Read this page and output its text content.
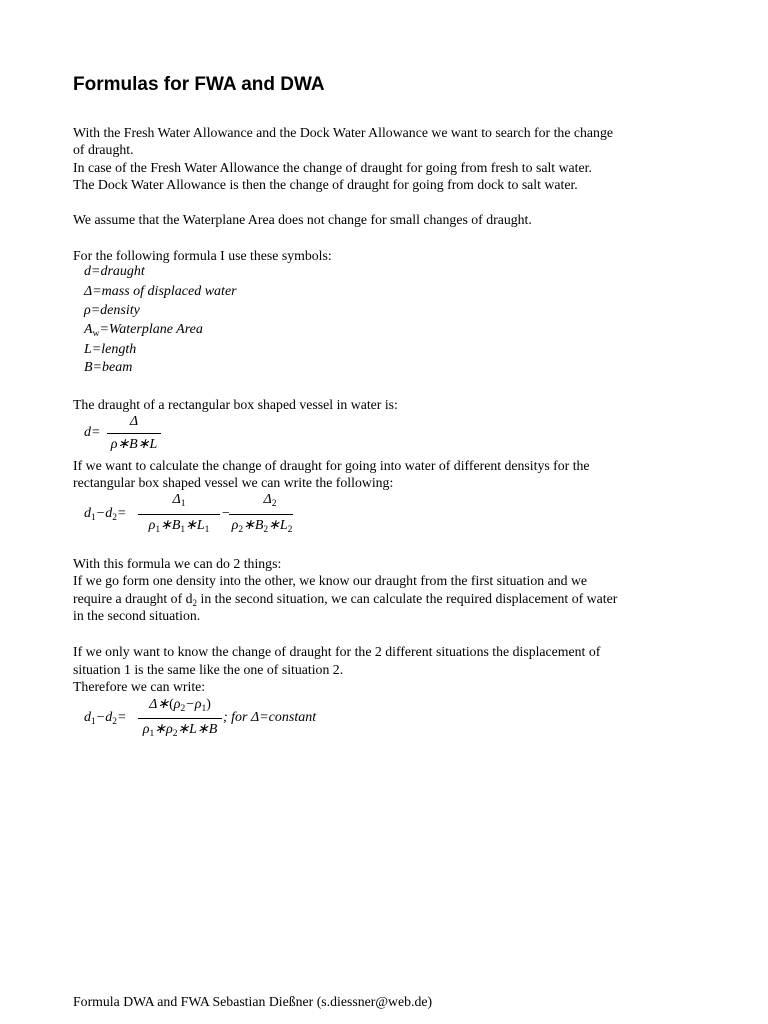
Formulas for FWA and DWA
With the Fresh Water Allowance and the Dock Water Allowance we want to search for the change
of draught.
In case of the Fresh Water Allowance the change of draught for going from fresh to salt water.
The Dock Water Allowance is then the change of draught for going from dock to salt water.
We assume that the Waterplane Area does not change for small changes of draught.
For the following formula I use these symbols:
d=draught
Δ=mass of displaced water
ρ=density
$A_w=Waterplane$ Area
L=length
B=beam
The draught of a rectangular box shaped vessel in water is:
d=
Δ
ρ∗B∗L
If we want to calculate the change of draught for going into water of different densitys for the
rectangular box shaped vessel we can write the following:
$d_1-d_2=$
$\Delta_1$
$\rho_1∗B_1∗L_1$
−
$\Delta_2$
$\rho_2∗B_2∗L_2$
With this formula we can do 2 things:
If we go form one density into the other, we know our draught from the first situation and we
require a draught of $d_2$ in the second situation, we can calculate the required displacement of water
in the second situation.
If we only want to know the change of draught for the 2 different situations the displacement of
situation 1 is the same like the one of situation 2.
Therefore we can write:
$d_1-d_2=$
$\Delta∗(\rho_2-\rho_1)$
$\rho_1∗\rho_2∗L∗B$
; for Δ=constant
Formula DWA and FWA Sebastian Dießner (s.diessner@web.de)
